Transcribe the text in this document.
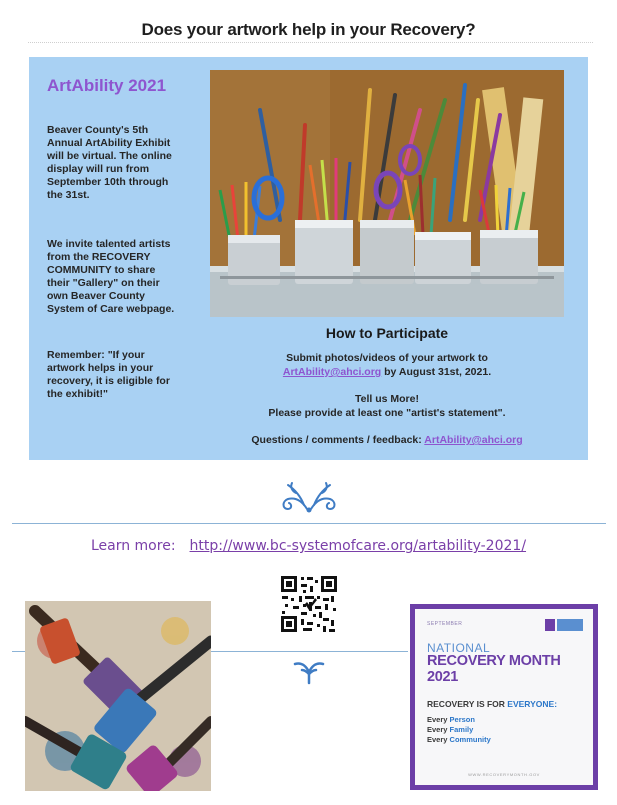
Does your artwork help in your Recovery?
ArtAbility 2021
Beaver County's 5th
Annual ArtAbility Exhibit
will be virtual. The online
display will run from
September 10th through
the 31st.
We invite talented artists
from the RECOVERY
COMMUNITY to share
their "Gallery" on their
own Beaver County
System of Care webpage.
Remember: "If your
artwork helps in your
recovery, it is eligible for
the exhibit!"
How to Participate
Submit photos/videos of your artwork to
ArtAbility@ahci.org by August 31st, 2021.
Tell us More!
Please provide at least one "artist's statement".
Questions / comments / feedback: ArtAbility@ahci.org
Learn more: http://www.bc-systemofcare.org/artability-2021/
SEPTEMBER
NATIONAL
RECOVERY MONTH 2021
RECOVERY IS FOR EVERYONE:
Every Person
Every Family
Every Community
WWW.RECOVERYMONTH.GOV
